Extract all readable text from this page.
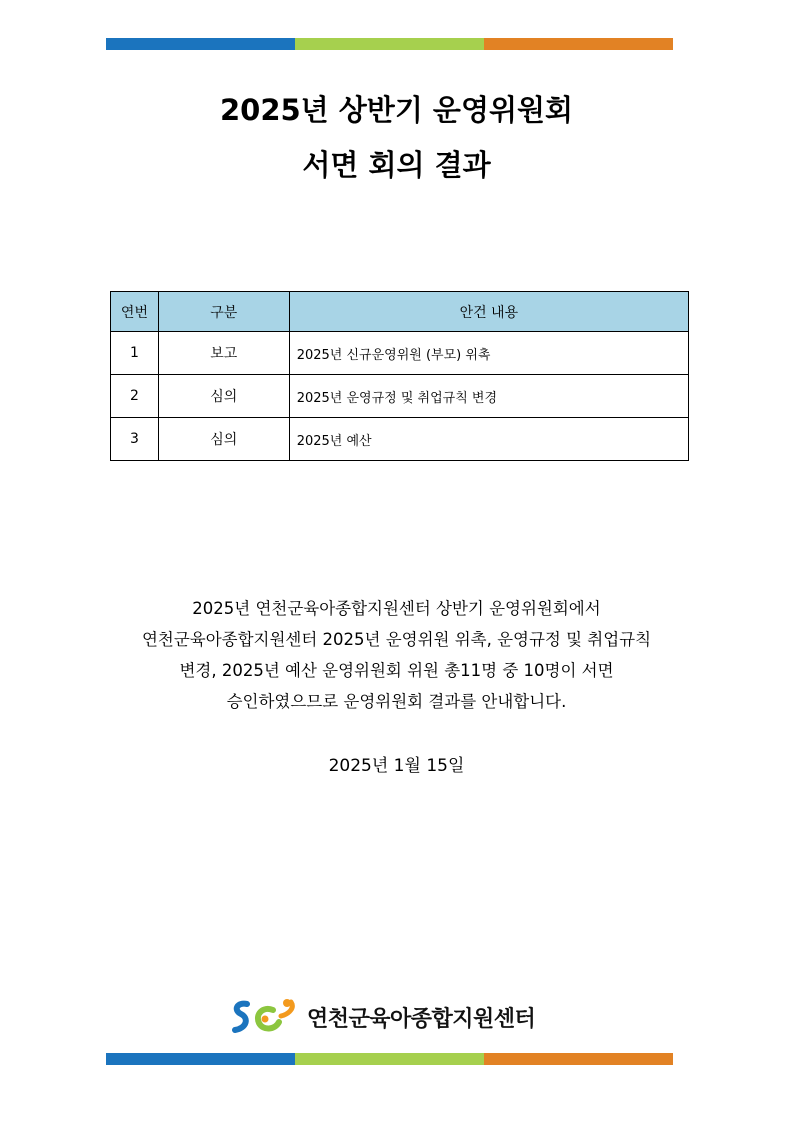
2025년 상반기 운영위원회
서면 회의 결과
연번	구분	안건 내용
1	보고	2025년 신규운영위원 (부모) 위촉
2	심의	2025년 운영규정 및 취업규칙 변경
3	심의	2025년 예산
2025년 연천군육아종합지원센터 상반기 운영위원회에서
연천군육아종합지원센터 2025년 운영위원 위촉, 운영규정 및 취업규칙
변경, 2025년 예산 운영위원회 위원 총11명 중 10명이 서면
승인하였으므로 운영위원회 결과를 안내합니다.
2025년 1월 15일
연천군육아종합지원센터
